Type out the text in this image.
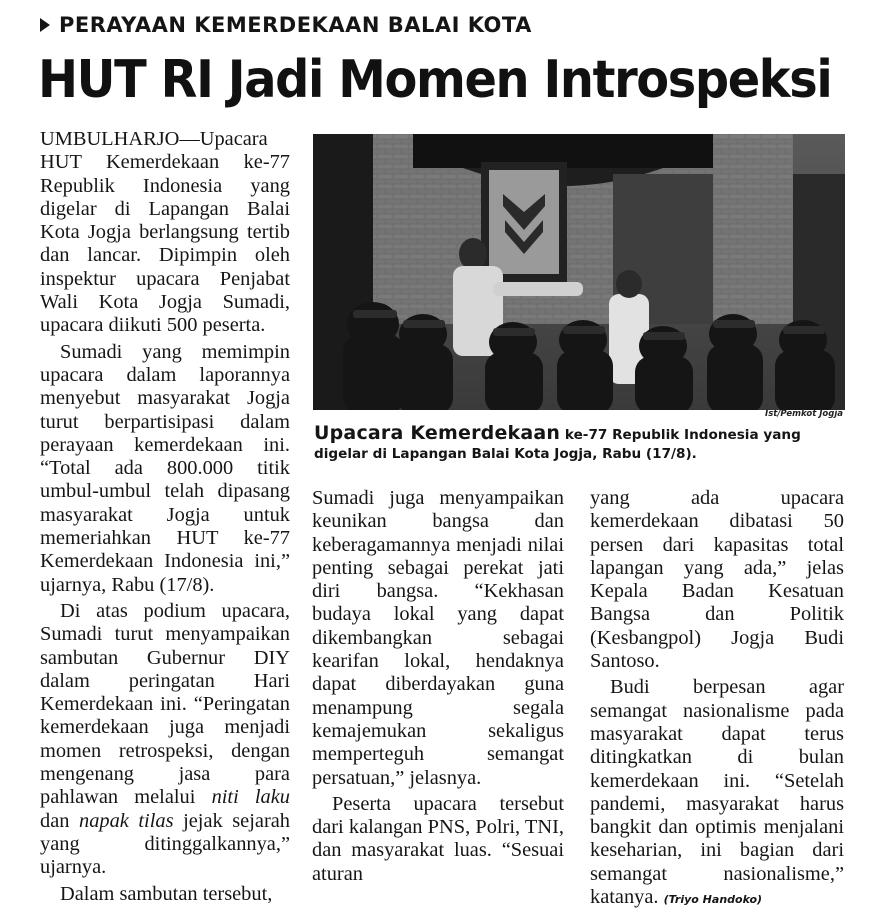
PERAYAAN KEMERDEKAAN BALAI KOTA
HUT RI Jadi Momen Introspeksi

UMBULHARJO—Upacara HUT Kemerdekaan ke-77 Republik Indonesia yang digelar di Lapangan Balai Kota Jogja berlangsung tertib dan lancar. Dipimpin oleh inspektur upacara Penjabat Wali Kota Jogja Sumadi, upacara diikuti 500 peserta.

Sumadi yang memimpin upacara dalam laporannya menyebut masyarakat Jogja turut berpartisipasi dalam perayaan kemerdekaan ini. “Total ada 800.000 titik umbul-umbul telah dipasang masyarakat Jogja untuk memeriahkan HUT ke-77 Kemerdekaan Indonesia ini,” ujarnya, Rabu (17/8).

Di atas podium upacara, Sumadi turut menyampaikan sambutan Gubernur DIY dalam peringatan Hari Kemerdekaan ini. “Peringatan kemerdekaan juga menjadi momen retrospeksi, dengan mengenang jasa para pahlawan melalui niti laku dan napak tilas jejak sejarah yang ditinggalkannya,” ujarnya.

Dalam sambutan tersebut,

Ist/Pemkot Jogja
Upacara Kemerdekaan ke-77 Republik Indonesia yang digelar di Lapangan Balai Kota Jogja, Rabu (17/8).

Sumadi juga menyampaikan keunikan bangsa dan keberagamannya menjadi nilai penting sebagai perekat jati diri bangsa. “Kekhasan budaya lokal yang dapat dikembangkan sebagai kearifan lokal, hendaknya dapat diberdayakan guna menampung segala kemajemukan sekaligus memperteguh semangat persatuan,” jelasnya.

Peserta upacara tersebut dari kalangan PNS, Polri, TNI, dan masyarakat luas. “Sesuai aturan

yang ada upacara kemerdekaan dibatasi 50 persen dari kapasitas total lapangan yang ada,” jelas Kepala Badan Kesatuan Bangsa dan Politik (Kesbangpol) Jogja Budi Santoso.

Budi berpesan agar semangat nasionalisme pada masyarakat dapat terus ditingkatkan di bulan kemerdekaan ini. “Setelah pandemi, masyarakat harus bangkit dan optimis menjalani keseharian, ini bagian dari semangat nasionalisme,” katanya. (Triyo Handoko)
